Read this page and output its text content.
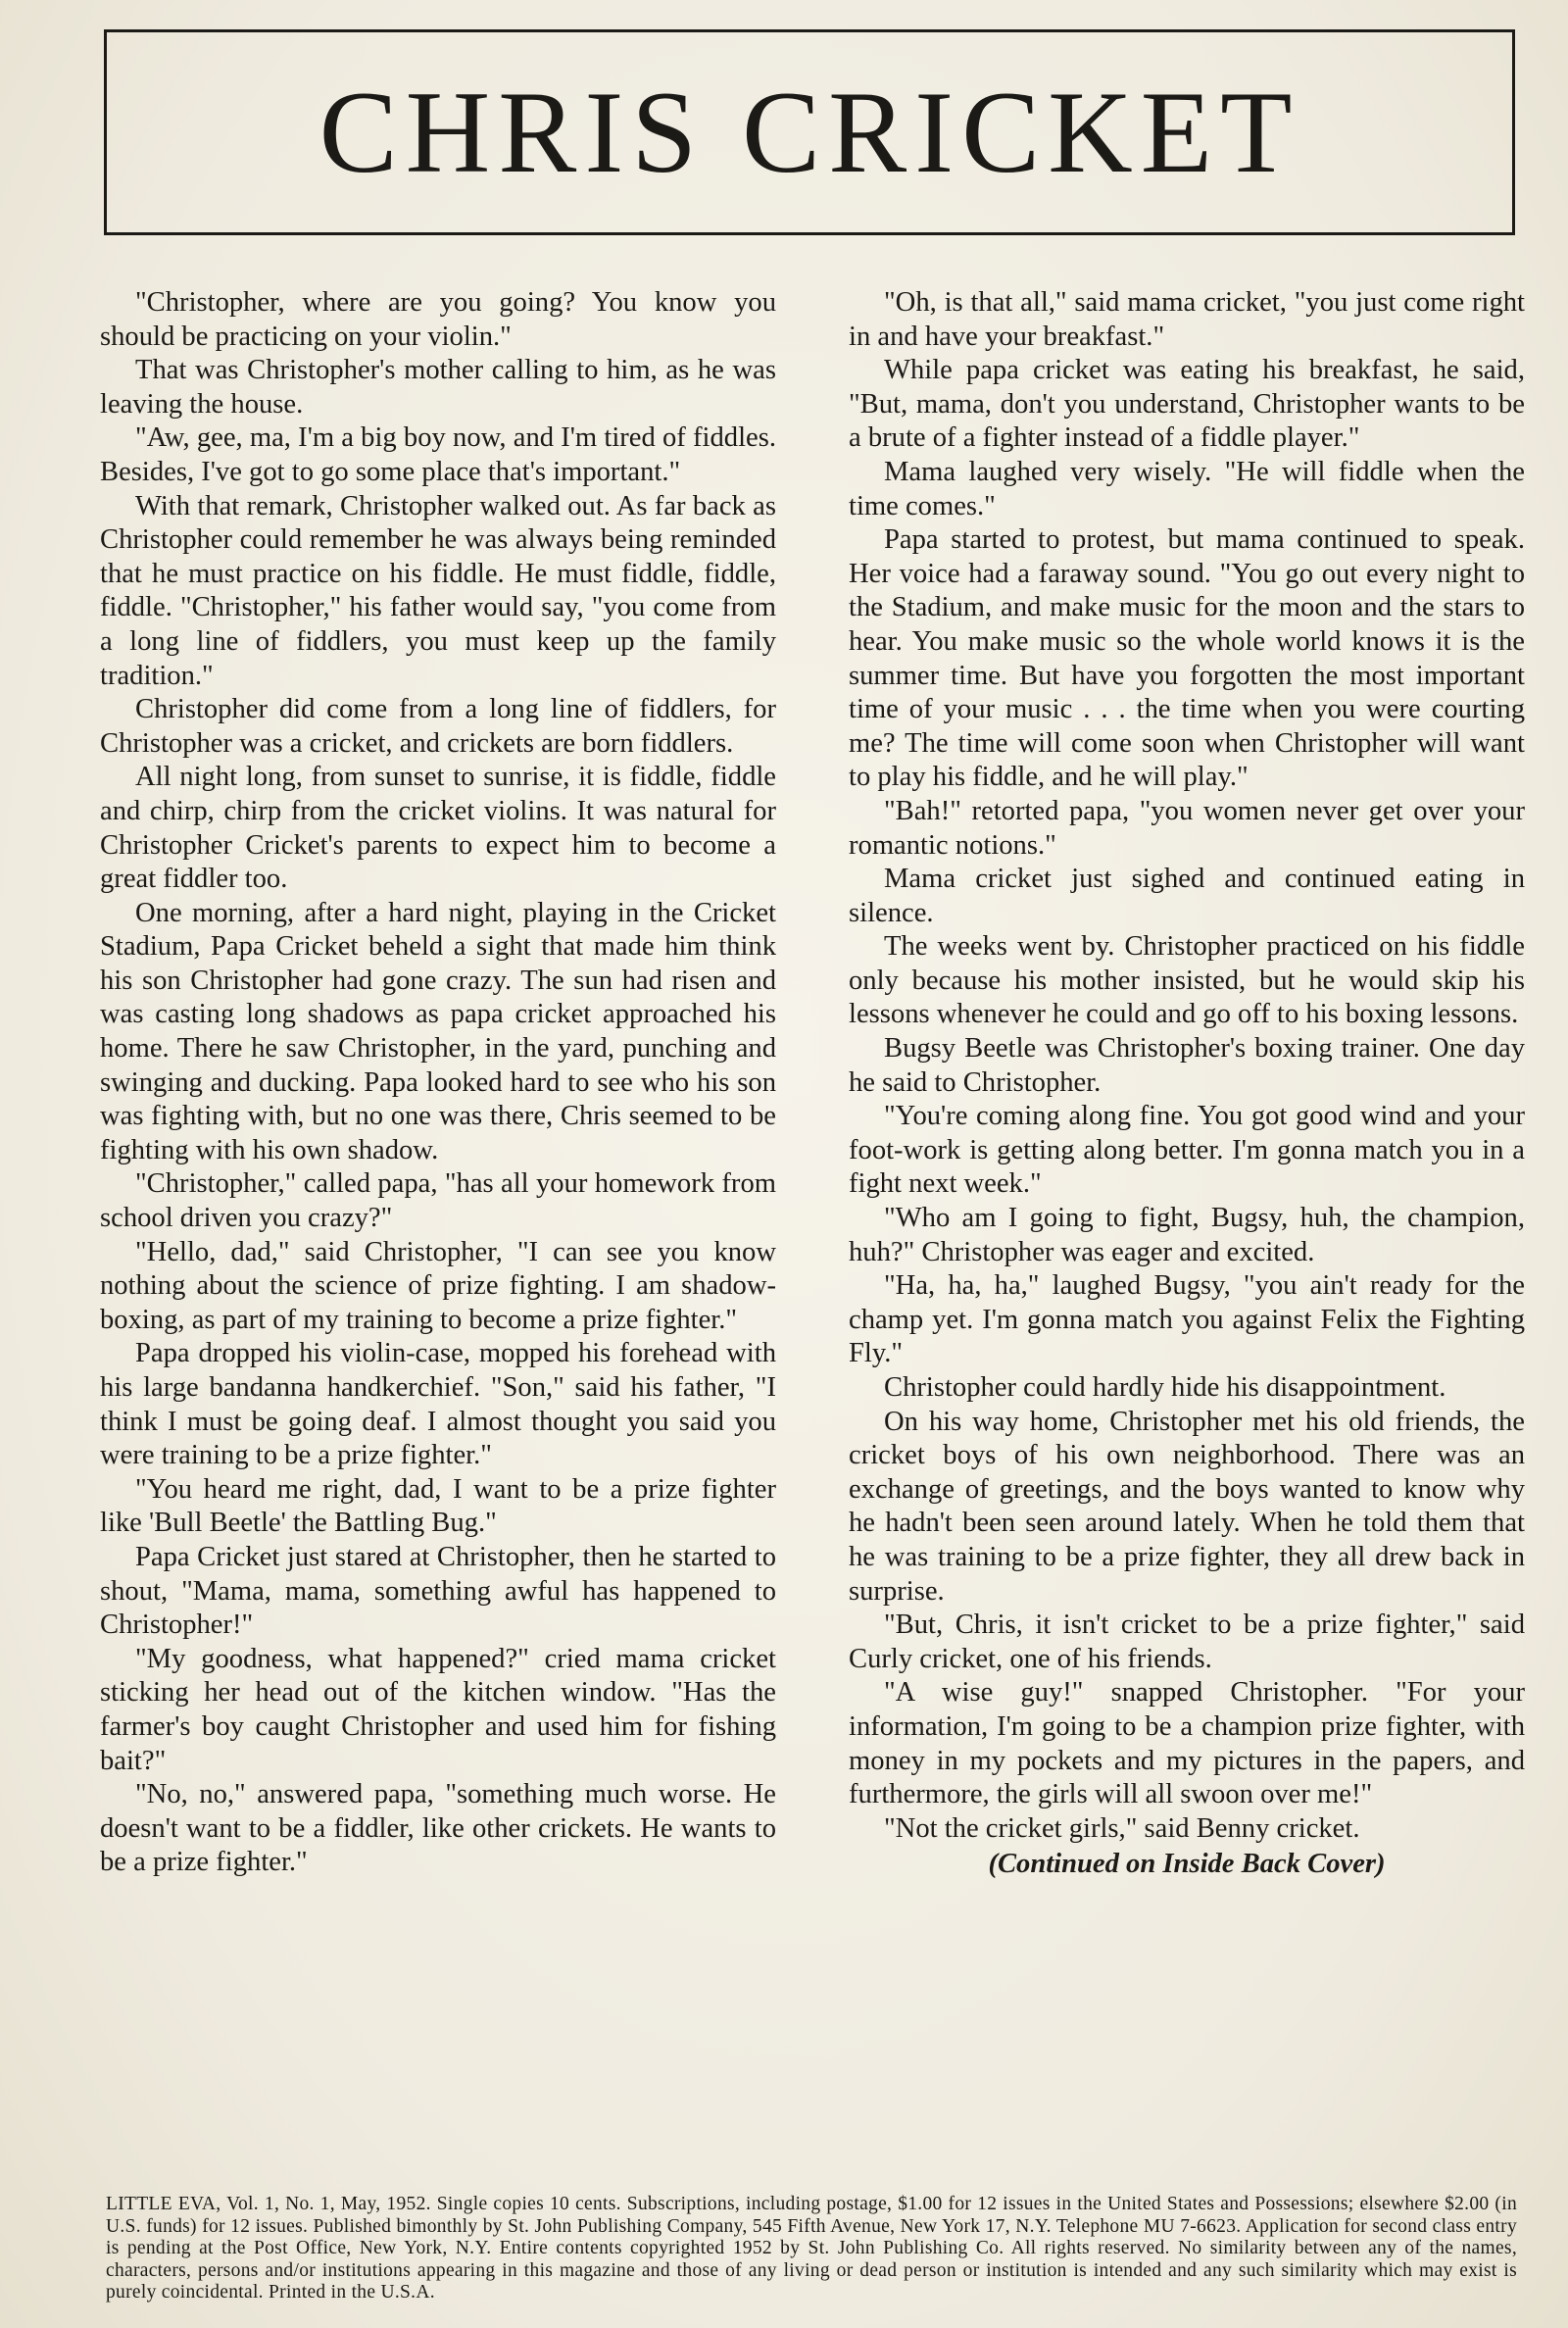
CHRIS CRICKET

"Christopher, where are you going? You know you should be practicing on your violin."

That was Christopher's mother calling to him, as he was leaving the house.

"Aw, gee, ma, I'm a big boy now, and I'm tired of fiddles. Besides, I've got to go some place that's important."

With that remark, Christopher walked out. As far back as Christopher could remember he was always being reminded that he must practice on his fiddle. He must fiddle, fiddle, fiddle. "Christopher," his father would say, "you come from a long line of fiddlers, you must keep up the family tradition."

Christopher did come from a long line of fiddlers, for Christopher was a cricket, and crickets are born fiddlers.

All night long, from sunset to sunrise, it is fiddle, fiddle and chirp, chirp from the cricket violins. It was natural for Christopher Cricket's parents to expect him to become a great fiddler too.

One morning, after a hard night, playing in the Cricket Stadium, Papa Cricket beheld a sight that made him think his son Christopher had gone crazy. The sun had risen and was casting long shadows as papa cricket approached his home. There he saw Christopher, in the yard, punching and swinging and ducking. Papa looked hard to see who his son was fighting with, but no one was there, Chris seemed to be fighting with his own shadow.

"Christopher," called papa, "has all your homework from school driven you crazy?"

"Hello, dad," said Christopher, "I can see you know nothing about the science of prize fighting. I am shadow-boxing, as part of my training to become a prize fighter."

Papa dropped his violin-case, mopped his forehead with his large bandanna handkerchief. "Son," said his father, "I think I must be going deaf. I almost thought you said you were training to be a prize fighter."

"You heard me right, dad, I want to be a prize fighter like 'Bull Beetle' the Battling Bug."

Papa Cricket just stared at Christopher, then he started to shout, "Mama, mama, something awful has happened to Christopher!"

"My goodness, what happened?" cried mama cricket sticking her head out of the kitchen window. "Has the farmer's boy caught Christopher and used him for fishing bait?"

"No, no," answered papa, "something much worse. He doesn't want to be a fiddler, like other crickets. He wants to be a prize fighter."

"Oh, is that all," said mama cricket, "you just come right in and have your breakfast."

While papa cricket was eating his breakfast, he said, "But, mama, don't you understand, Christopher wants to be a brute of a fighter instead of a fiddle player."

Mama laughed very wisely. "He will fiddle when the time comes."

Papa started to protest, but mama continued to speak. Her voice had a faraway sound. "You go out every night to the Stadium, and make music for the moon and the stars to hear. You make music so the whole world knows it is the summer time. But have you forgotten the most important time of your music . . . the time when you were courting me? The time will come soon when Christopher will want to play his fiddle, and he will play."

"Bah!" retorted papa, "you women never get over your romantic notions."

Mama cricket just sighed and continued eating in silence.

The weeks went by. Christopher practiced on his fiddle only because his mother insisted, but he would skip his lessons whenever he could and go off to his boxing lessons.

Bugsy Beetle was Christopher's boxing trainer. One day he said to Christopher.

"You're coming along fine. You got good wind and your foot-work is getting along better. I'm gonna match you in a fight next week."

"Who am I going to fight, Bugsy, huh, the champion, huh?" Christopher was eager and excited.

"Ha, ha, ha," laughed Bugsy, "you ain't ready for the champ yet. I'm gonna match you against Felix the Fighting Fly."

Christopher could hardly hide his disappointment.

On his way home, Christopher met his old friends, the cricket boys of his own neighborhood. There was an exchange of greetings, and the boys wanted to know why he hadn't been seen around lately. When he told them that he was training to be a prize fighter, they all drew back in surprise.

"But, Chris, it isn't cricket to be a prize fighter," said Curly cricket, one of his friends.

"A wise guy!" snapped Christopher. "For your information, I'm going to be a champion prize fighter, with money in my pockets and my pictures in the papers, and furthermore, the girls will all swoon over me!"

"Not the cricket girls," said Benny cricket.

(Continued on Inside Back Cover)

LITTLE EVA, Vol. 1, No. 1, May, 1952. Single copies 10 cents. Subscriptions, including postage, $1.00 for 12 issues in the United States and Possessions; elsewhere $2.00 (in U.S. funds) for 12 issues. Published bimonthly by St. John Publishing Company, 545 Fifth Avenue, New York 17, N.Y. Telephone MU 7-6623. Application for second class entry is pending at the Post Office, New York, N.Y. Entire contents copyrighted 1952 by St. John Publishing Co. All rights reserved. No similarity between any of the names, characters, persons and/or institutions appearing in this magazine and those of any living or dead person or institution is intended and any such similarity which may exist is purely coincidental. Printed in the U.S.A.
